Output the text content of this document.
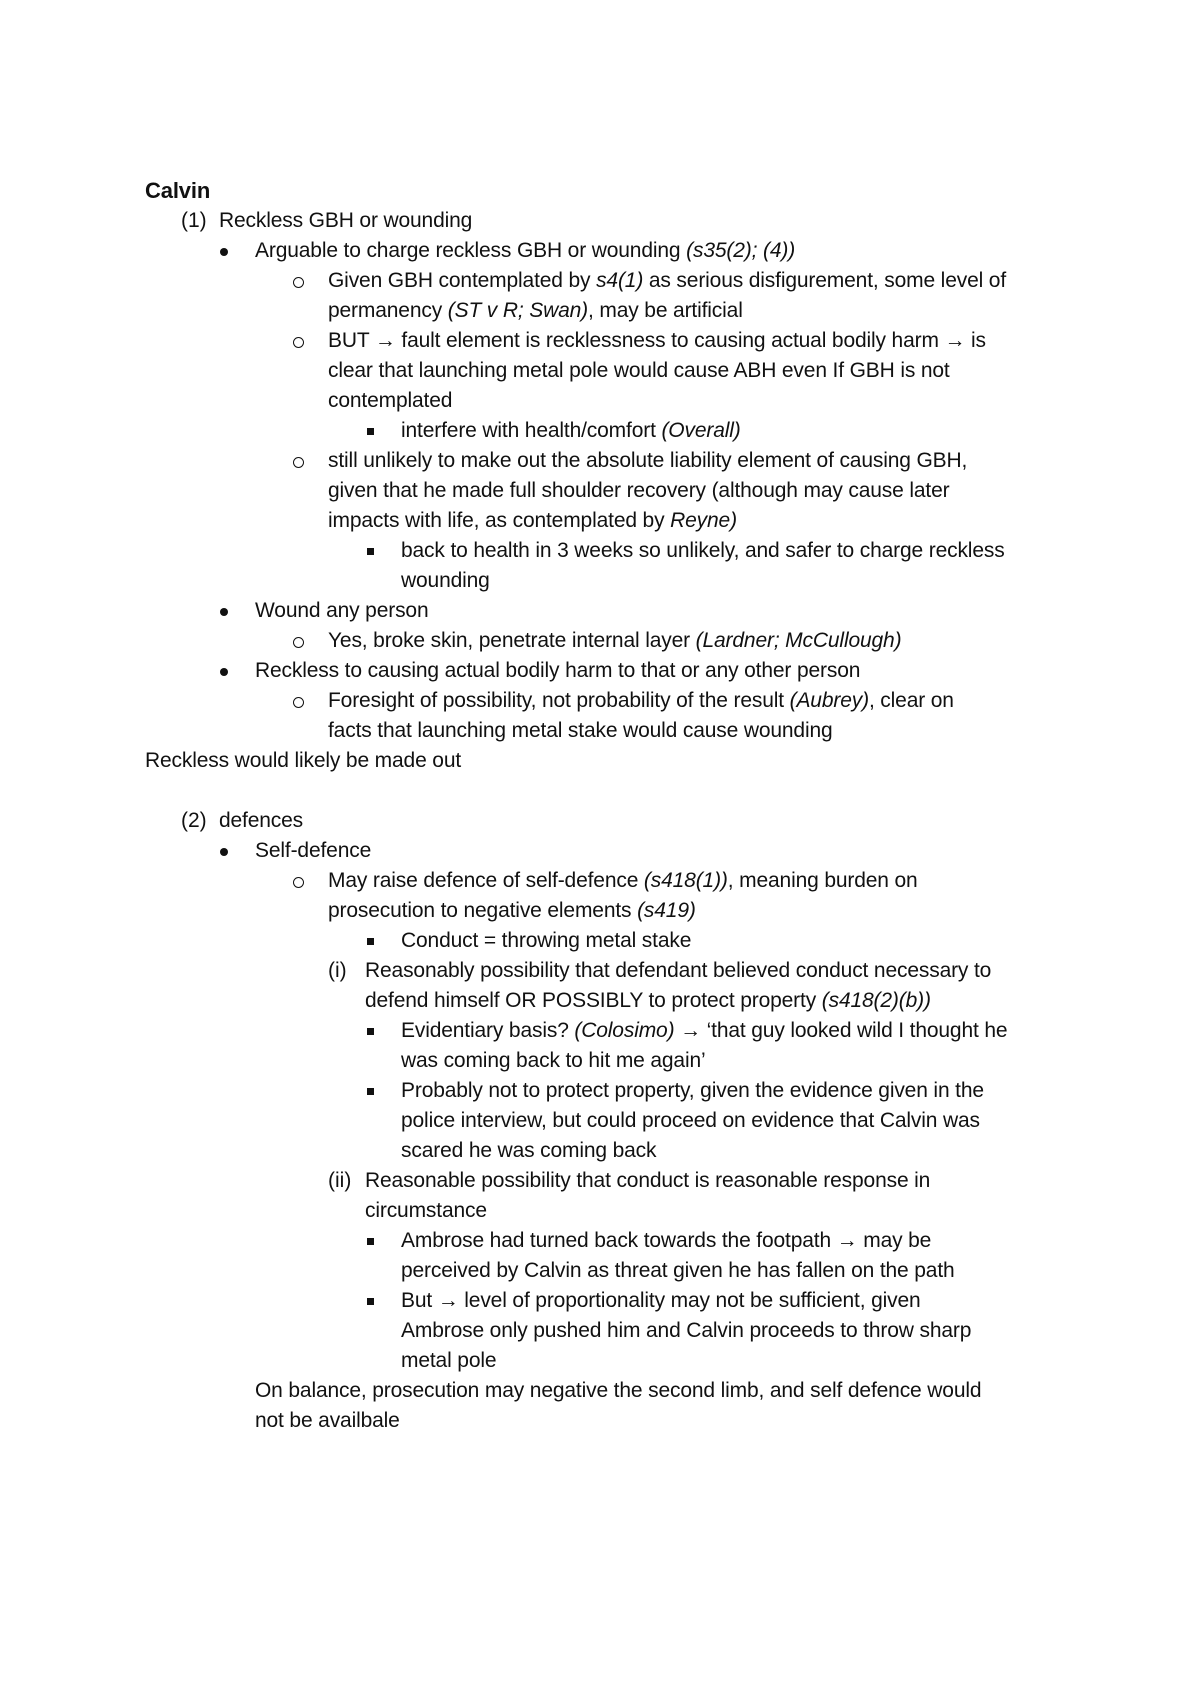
Calvin
(1) Reckless GBH or wounding
Arguable to charge reckless GBH or wounding (s35(2); (4))
Given GBH contemplated by s4(1) as serious disfigurement, some level of
permanency (ST v R; Swan), may be artificial
BUT → fault element is recklessness to causing actual bodily harm → is
clear that launching metal pole would cause ABH even If GBH is not
contemplated
interfere with health/comfort (Overall)
still unlikely to make out the absolute liability element of causing GBH,
given that he made full shoulder recovery (although may cause later
impacts with life, as contemplated by Reyne)
back to health in 3 weeks so unlikely, and safer to charge reckless
wounding
Wound any person
Yes, broke skin, penetrate internal layer (Lardner; McCullough)
Reckless to causing actual bodily harm to that or any other person
Foresight of possibility, not probability of the result (Aubrey), clear on
facts that launching metal stake would cause wounding
Reckless would likely be made out
(2) defences
Self-defence
May raise defence of self-defence (s418(1)), meaning burden on
prosecution to negative elements (s419)
Conduct = throwing metal stake
(i) Reasonably possibility that defendant believed conduct necessary to
defend himself OR POSSIBLY to protect property (s418(2)(b))
Evidentiary basis? (Colosimo) → ‘that guy looked wild I thought he
was coming back to hit me again’
Probably not to protect property, given the evidence given in the
police interview, but could proceed on evidence that Calvin was
scared he was coming back
(ii) Reasonable possibility that conduct is reasonable response in
circumstance
Ambrose had turned back towards the footpath → may be
perceived by Calvin as threat given he has fallen on the path
But → level of proportionality may not be sufficient, given
Ambrose only pushed him and Calvin proceeds to throw sharp
metal pole
On balance, prosecution may negative the second limb, and self defence would
not be availbale
